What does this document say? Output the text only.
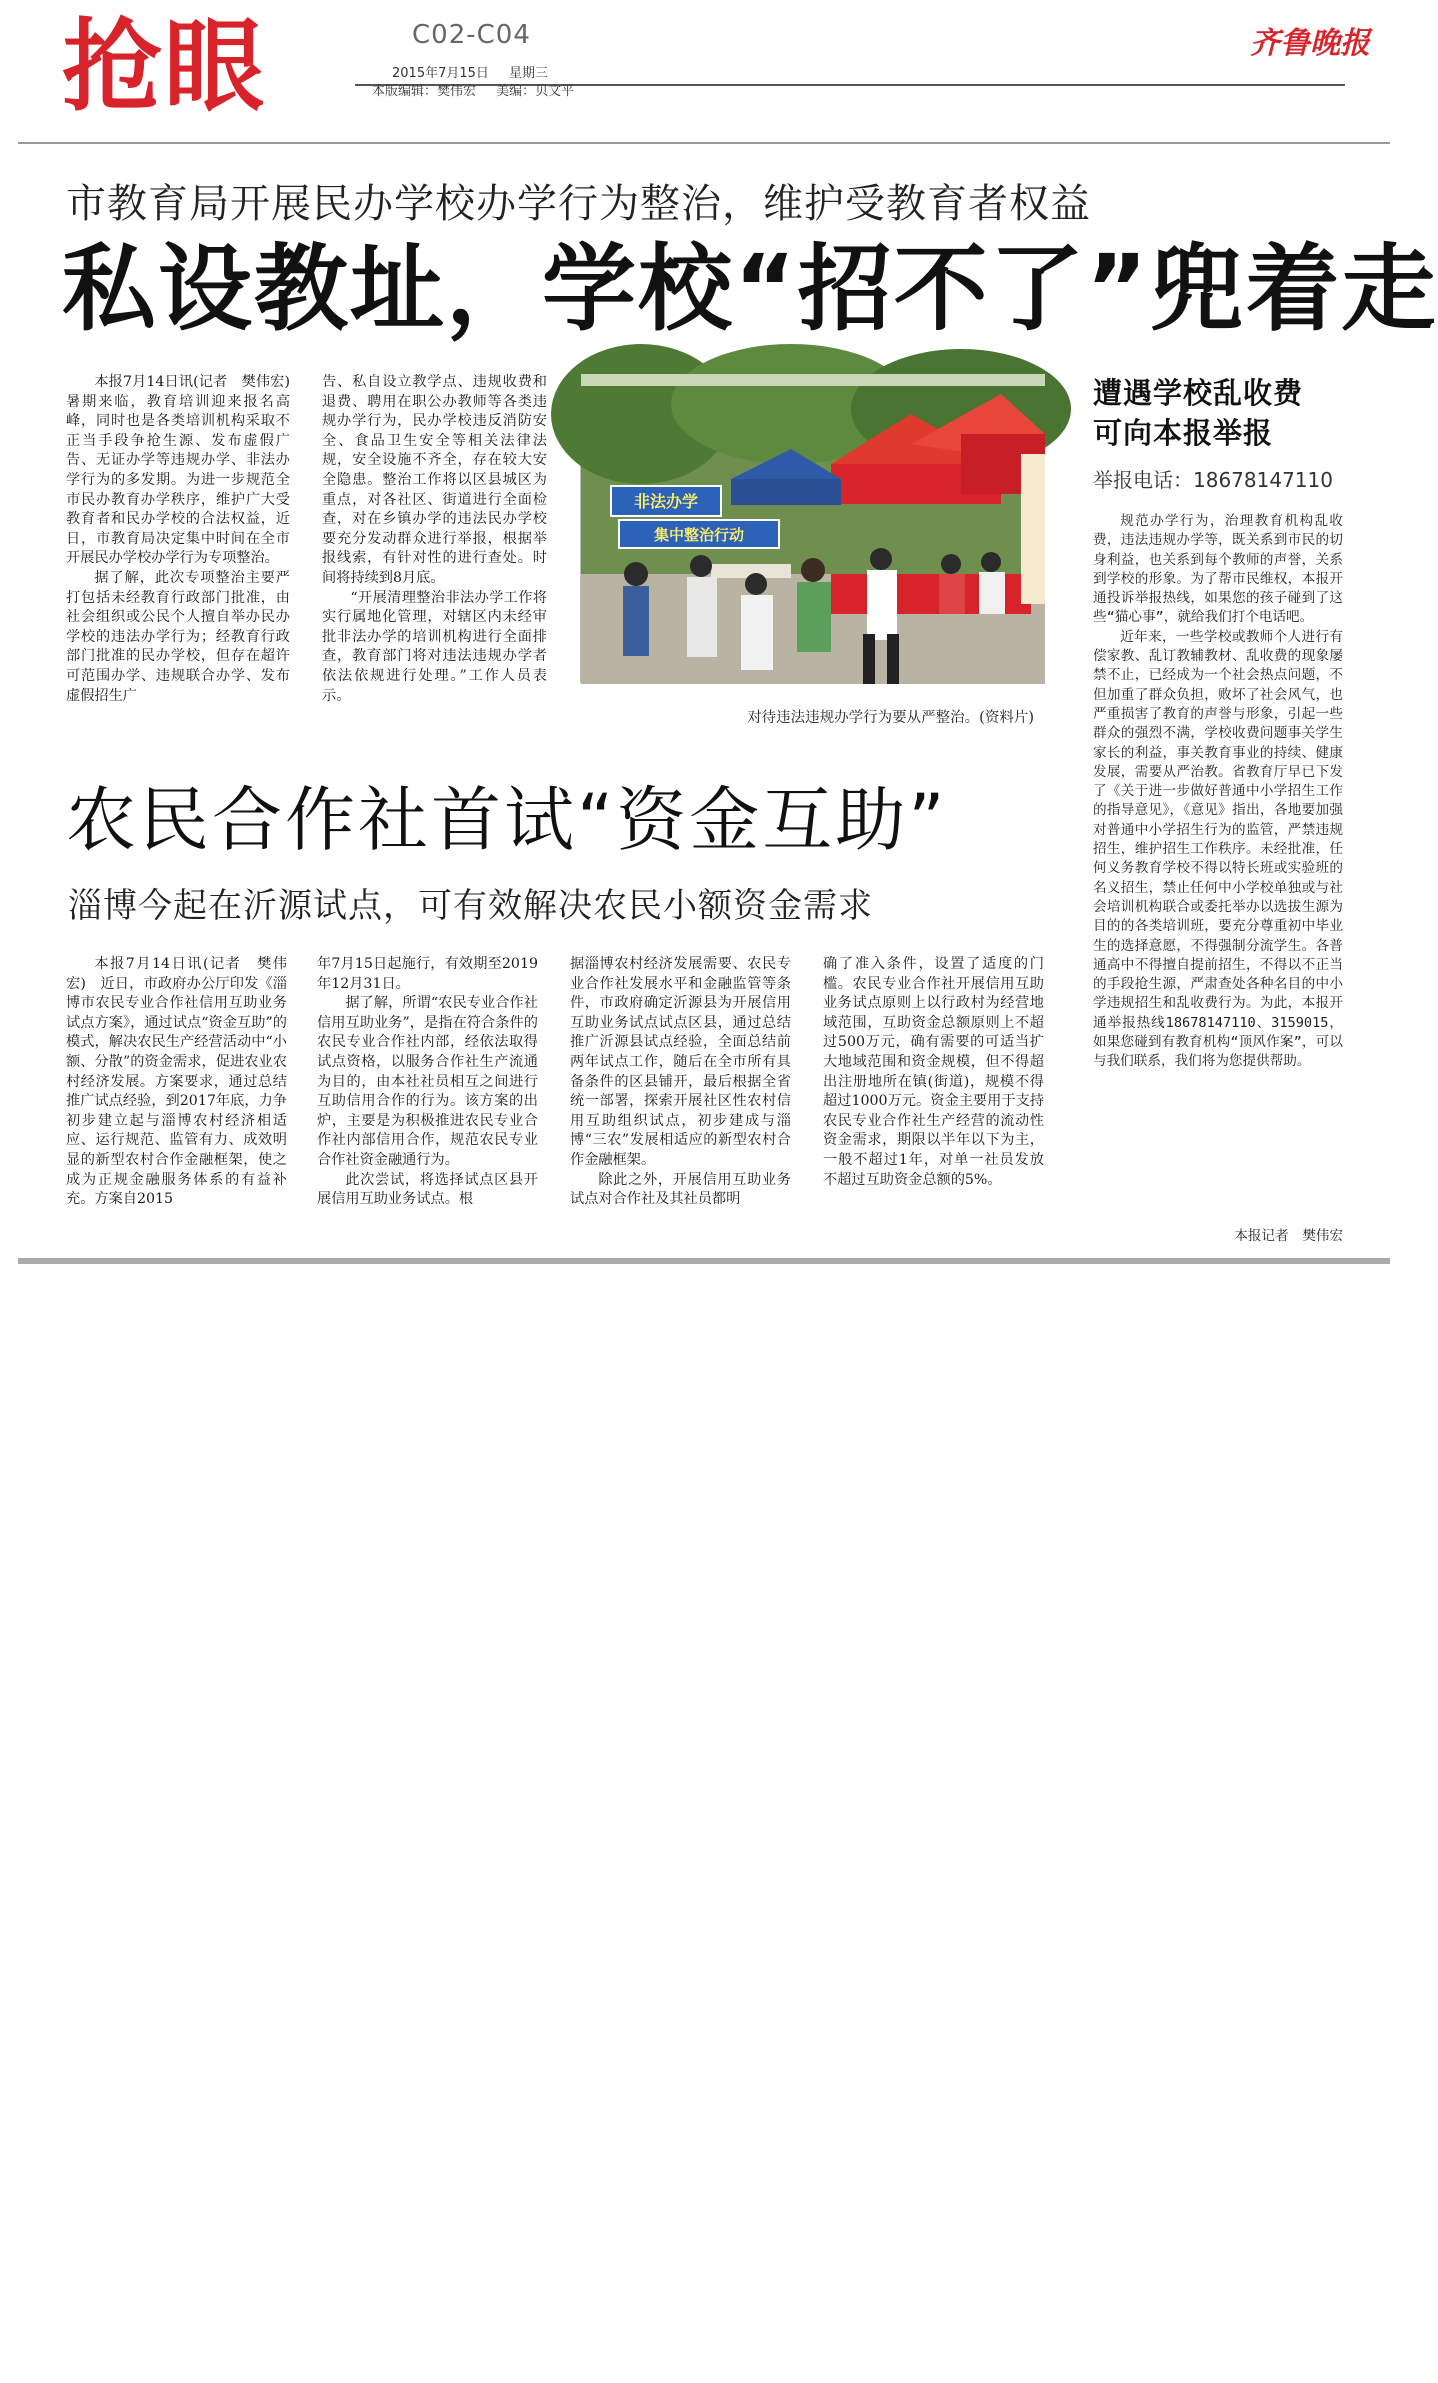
抢眼	C02-C04
2015年7月15日 星期三
本版编辑：樊伟宏 美编：贝文平
齐鲁晚报
市教育局开展民办学校办学行为整治，维护受教育者权益
私设教址，学校“招不了”兜着走
本报7月14日讯(记者　樊伟宏)　暑期来临，教育培训迎来报名高峰，同时也是各类培训机构采取不正当手段争抢生源、发布虚假广告、无证办学等违规办学、非法办学行为的多发期。为进一步规范全市民办教育办学秩序，维护广大受教育者和民办学校的合法权益，近日，市教育局决定集中时间在全市开展民办学校办学行为专项整治。
据了解，此次专项整治主要严打包括未经教育行政部门批准，由社会组织或公民个人擅自举办民办学校的违法办学行为；经教育行政部门批准的民办学校，但存在超许可范围办学、违规联合办学、发布虚假招生广
告、私自设立教学点、违规收费和退费、聘用在职公办教师等各类违规办学行为，民办学校违反消防安全、食品卫生安全等相关法律法规，安全设施不齐全，存在较大安全隐患。整治工作将以区县城区为重点，对各社区、街道进行全面检查，对在乡镇办学的违法民办学校要充分发动群众进行举报，根据举报线索，有针对性的进行查处。时间将持续到8月底。
“开展清理整治非法办学工作将实行属地化管理，对辖区内未经审批非法办学的培训机构进行全面排查，教育部门将对违法违规办学者依法依规进行处理。”工作人员表示。
非法办学
集中整治行动
对待违法违规办学行为要从严整治。(资料片)
遭遇学校乱收费
可向本报举报
举报电话：18678147110

规范办学行为，治理教育机构乱收费，违法违规办学等，既关系到市民的切身利益，也关系到每个教师的声誉，关系到学校的形象。为了帮市民维权，本报开通投诉举报热线，如果您的孩子碰到了这些“猫心事”，就给我们打个电话吧。

近年来，一些学校或教师个人进行有偿家教、乱订教辅教材、乱收费的现象屡禁不止，已经成为一个社会热点问题，不但加重了群众负担，败坏了社会风气，也严重损害了教育的声誉与形象，引起一些群众的强烈不满，学校收费问题事关学生家长的利益，事关教育事业的持续、健康发展，需要从严治教。省教育厅早已下发了《关于进一步做好普通中小学招生工作的指导意见》，《意见》指出，各地要加强对普通中小学招生行为的监管，严禁违规招生，维护招生工作秩序。未经批准，任何义务教育学校不得以特长班或实验班的名义招生，禁止任何中小学校单独或与社会培训机构联合或委托举办以选拔生源为目的的各类培训班，要充分尊重初中毕业生的选择意愿，不得强制分流学生。各普通高中不得擅自提前招生，不得以不正当的手段抢生源，严肃查处各种名目的中小学违规招生和乱收费行为。为此，本报开通举报热线18678147110、3159015，如果您碰到有教育机构“顶风作案”，可以与我们联系，我们将为您提供帮助。

本报记者　樊伟宏
农民合作社首试“资金互助”
淄博今起在沂源试点，可有效解决农民小额资金需求
本报7月14日讯(记者　樊伟宏)　近日，市政府办公厅印发《淄博市农民专业合作社信用互助业务试点方案》，通过试点“资金互助”的模式，解决农民生产经营活动中“小额、分散”的资金需求，促进农业农村经济发展。方案要求，通过总结推广试点经验，到2017年底，力争初步建立起与淄博农村经济相适应、运行规范、监管有力、成效明显的新型农村合作金融框架，使之成为正规金融服务体系的有益补充。方案自2015
年7月15日起施行，有效期至2019年12月31日。
据了解，所谓“农民专业合作社信用互助业务”，是指在符合条件的农民专业合作社内部，经依法取得试点资格，以服务合作社生产流通为目的，由本社社员相互之间进行互助信用合作的行为。该方案的出炉，主要是为积极推进农民专业合作社内部信用合作，规范农民专业合作社资金融通行为。
此次尝试，将选择试点区县开展信用互助业务试点。根
据淄博农村经济发展需要、农民专业合作社发展水平和金融监管等条件，市政府确定沂源县为开展信用互助业务试点试点区县，通过总结推广沂源县试点经验，全面总结前两年试点工作，随后在全市所有具备条件的区县铺开，最后根据全省统一部署，探索开展社区性农村信用互助组织试点，初步建成与淄博“三农”发展相适应的新型农村合作金融框架。
除此之外，开展信用互助业务试点对合作社及其社员都明
确了准入条件，设置了适度的门槛。农民专业合作社开展信用互助业务试点原则上以行政村为经营地域范围，互助资金总额原则上不超过500万元，确有需要的可适当扩大地域范围和资金规模，但不得超出注册地所在镇(街道)，规模不得超过1000万元。资金主要用于支持农民专业合作社生产经营的流动性资金需求，期限以半年以下为主，一般不超过1年，对单一社员发放不超过互助资金总额的5%。
